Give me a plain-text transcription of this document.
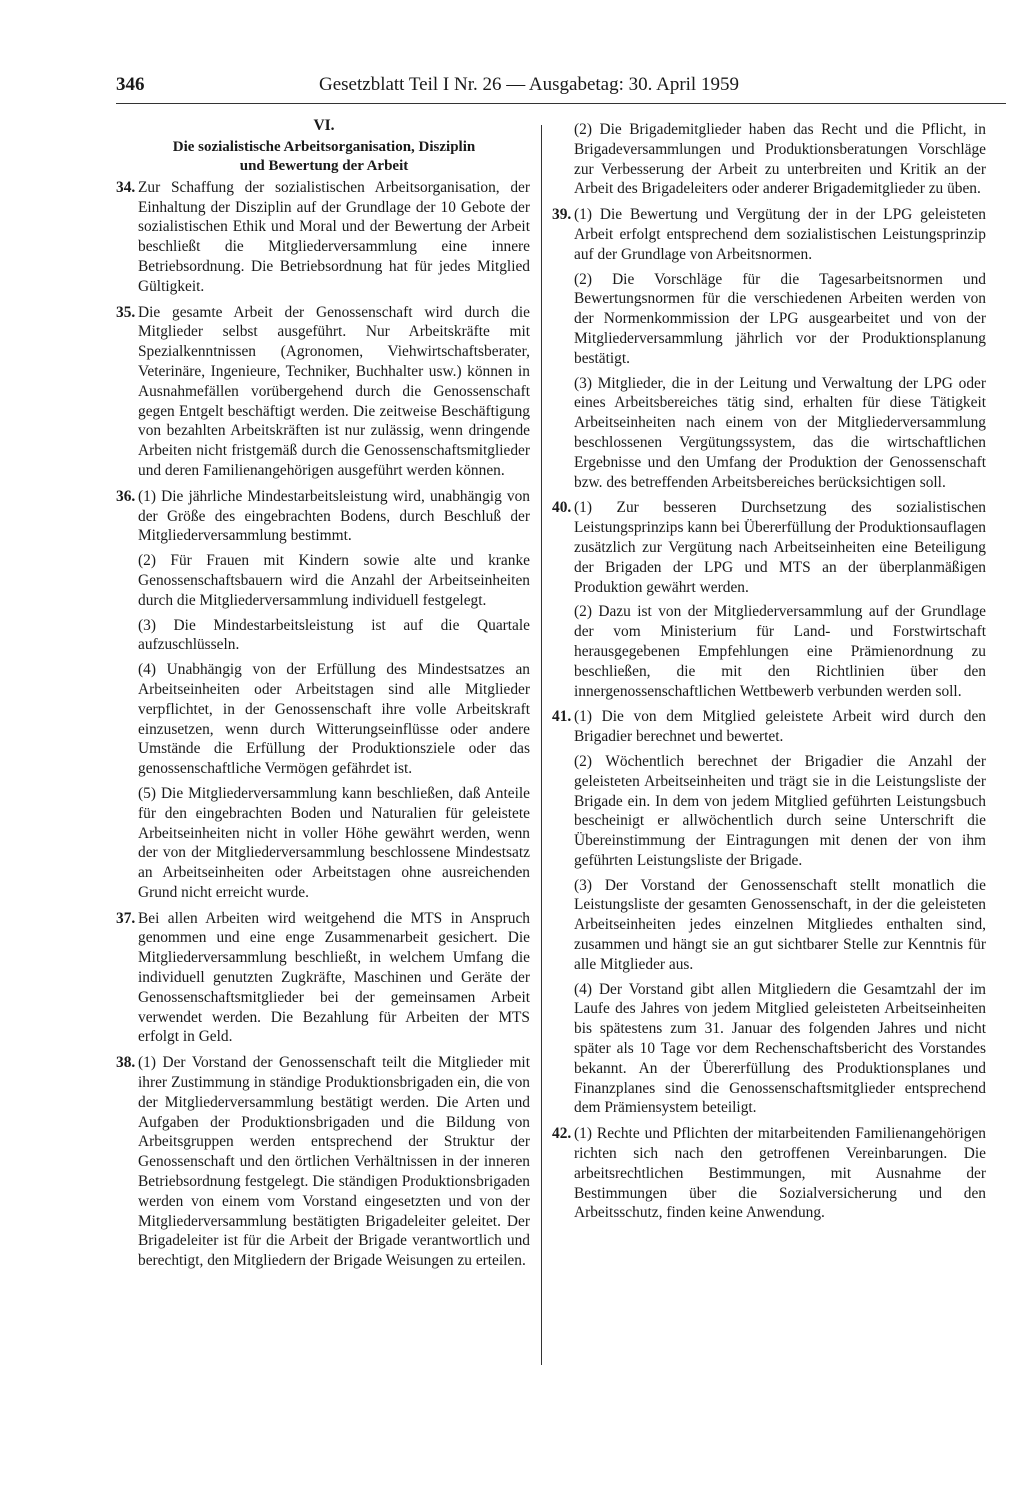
346	Gesetzblatt Teil I Nr. 26 — Ausgabetag: 30. April 1959
VI.
Die sozialistische Arbeitsorganisation, Disziplin
und Bewertung der Arbeit
34. Zur Schaffung der sozialistischen Arbeitsorganisation, der Einhaltung der Disziplin auf der Grundlage der 10 Gebote der sozialistischen Ethik und Moral und der Bewertung der Arbeit beschließt die Mitgliederversammlung eine innere Betriebsordnung. Die Betriebsordnung hat für jedes Mitglied Gültigkeit.
35. Die gesamte Arbeit der Genossenschaft wird durch die Mitglieder selbst ausgeführt. Nur Arbeitskräfte mit Spezialkenntnissen (Agronomen, Viehwirtschaftsberater, Veterinäre, Ingenieure, Techniker, Buchhalter usw.) können in Ausnahmefällen vorübergehend durch die Genossenschaft gegen Entgelt beschäftigt werden. Die zeitweise Beschäftigung von bezahlten Arbeitskräften ist nur zulässig, wenn dringende Arbeiten nicht fristgemäß durch die Genossenschaftsmitglieder und deren Familienangehörigen ausgeführt werden können.
36. (1) Die jährliche Mindestarbeitsleistung wird, unabhängig von der Größe des eingebrachten Bodens, durch Beschluß der Mitgliederversammlung bestimmt.
(2) Für Frauen mit Kindern sowie alte und kranke Genossenschaftsbauern wird die Anzahl der Arbeitseinheiten durch die Mitgliederversammlung individuell festgelegt.
(3) Die Mindestarbeitsleistung ist auf die Quartale aufzuschlüsseln.
(4) Unabhängig von der Erfüllung des Mindestsatzes an Arbeitseinheiten oder Arbeitstagen sind alle Mitglieder verpflichtet, in der Genossenschaft ihre volle Arbeitskraft einzusetzen, wenn durch Witterungseinflüsse oder andere Umstände die Erfüllung der Produktionsziele oder das genossenschaftliche Vermögen gefährdet ist.
(5) Die Mitgliederversammlung kann beschließen, daß Anteile für den eingebrachten Boden und Naturalien für geleistete Arbeitseinheiten nicht in voller Höhe gewährt werden, wenn der von der Mitgliederversammlung beschlossene Mindestsatz an Arbeitseinheiten oder Arbeitstagen ohne ausreichenden Grund nicht erreicht wurde.
37. Bei allen Arbeiten wird weitgehend die MTS in Anspruch genommen und eine enge Zusammenarbeit gesichert. Die Mitgliederversammlung beschließt, in welchem Umfang die individuell genutzten Zugkräfte, Maschinen und Geräte der Genossenschaftsmitglieder bei der gemeinsamen Arbeit verwendet werden. Die Bezahlung für Arbeiten der MTS erfolgt in Geld.
38. (1) Der Vorstand der Genossenschaft teilt die Mitglieder mit ihrer Zustimmung in ständige Produktionsbrigaden ein, die von der Mitgliederversammlung bestätigt werden. Die Arten und Aufgaben der Produktionsbrigaden und die Bildung von Arbeitsgruppen werden entsprechend der Struktur der Genossenschaft und den örtlichen Verhältnissen in der inneren Betriebsordnung festgelegt. Die ständigen Produktionsbrigaden werden von einem vom Vorstand eingesetzten und von der Mitgliederversammlung bestätigten Brigadeleiter geleitet. Der Brigadeleiter ist für die Arbeit der Brigade verantwortlich und berechtigt, den Mitgliedern der Brigade Weisungen zu erteilen.
(2) Die Brigademitglieder haben das Recht und die Pflicht, in Brigadeversammlungen und Produktionsberatungen Vorschläge zur Verbesserung der Arbeit zu unterbreiten und Kritik an der Arbeit des Brigadeleiters oder anderer Brigademitglieder zu üben.
39. (1) Die Bewertung und Vergütung der in der LPG geleisteten Arbeit erfolgt entsprechend dem sozialistischen Leistungsprinzip auf der Grundlage von Arbeitsnormen.
(2) Die Vorschläge für die Tagesarbeitsnormen und Bewertungsnormen für die verschiedenen Arbeiten werden von der Normenkommission der LPG ausgearbeitet und von der Mitgliederversammlung jährlich vor der Produktionsplanung bestätigt.
(3) Mitglieder, die in der Leitung und Verwaltung der LPG oder eines Arbeitsbereiches tätig sind, erhalten für diese Tätigkeit Arbeitseinheiten nach einem von der Mitgliederversammlung beschlossenen Vergütungssystem, das die wirtschaftlichen Ergebnisse und den Umfang der Produktion der Genossenschaft bzw. des betreffenden Arbeitsbereiches berücksichtigen soll.
40. (1) Zur besseren Durchsetzung des sozialistischen Leistungsprinzips kann bei Übererfüllung der Produktionsauflagen zusätzlich zur Vergütung nach Arbeitseinheiten eine Beteiligung der Brigaden der LPG und MTS an der überplanmäßigen Produktion gewährt werden.
(2) Dazu ist von der Mitgliederversammlung auf der Grundlage der vom Ministerium für Land- und Forstwirtschaft herausgegebenen Empfehlungen eine Prämienordnung zu beschließen, die mit den Richtlinien über den innergenossenschaftlichen Wettbewerb verbunden werden soll.
41. (1) Die von dem Mitglied geleistete Arbeit wird durch den Brigadier berechnet und bewertet.
(2) Wöchentlich berechnet der Brigadier die Anzahl der geleisteten Arbeitseinheiten und trägt sie in die Leistungsliste der Brigade ein. In dem von jedem Mitglied geführten Leistungsbuch bescheinigt er allwöchentlich durch seine Unterschrift die Übereinstimmung der Eintragungen mit denen der von ihm geführten Leistungsliste der Brigade.
(3) Der Vorstand der Genossenschaft stellt monatlich die Leistungsliste der gesamten Genossenschaft, in der die geleisteten Arbeitseinheiten jedes einzelnen Mitgliedes enthalten sind, zusammen und hängt sie an gut sichtbarer Stelle zur Kenntnis für alle Mitglieder aus.
(4) Der Vorstand gibt allen Mitgliedern die Gesamtzahl der im Laufe des Jahres von jedem Mitglied geleisteten Arbeitseinheiten bis spätestens zum 31. Januar des folgenden Jahres und nicht später als 10 Tage vor dem Rechenschaftsbericht des Vorstandes bekannt. An der Übererfüllung des Produktionsplanes und Finanzplanes sind die Genossenschaftsmitglieder entsprechend dem Prämiensystem beteiligt.
42. (1) Rechte und Pflichten der mitarbeitenden Familienangehörigen richten sich nach den getroffenen Vereinbarungen. Die arbeitsrechtlichen Bestimmungen, mit Ausnahme der Bestimmungen über die Sozialversicherung und den Arbeitsschutz, finden keine Anwendung.
